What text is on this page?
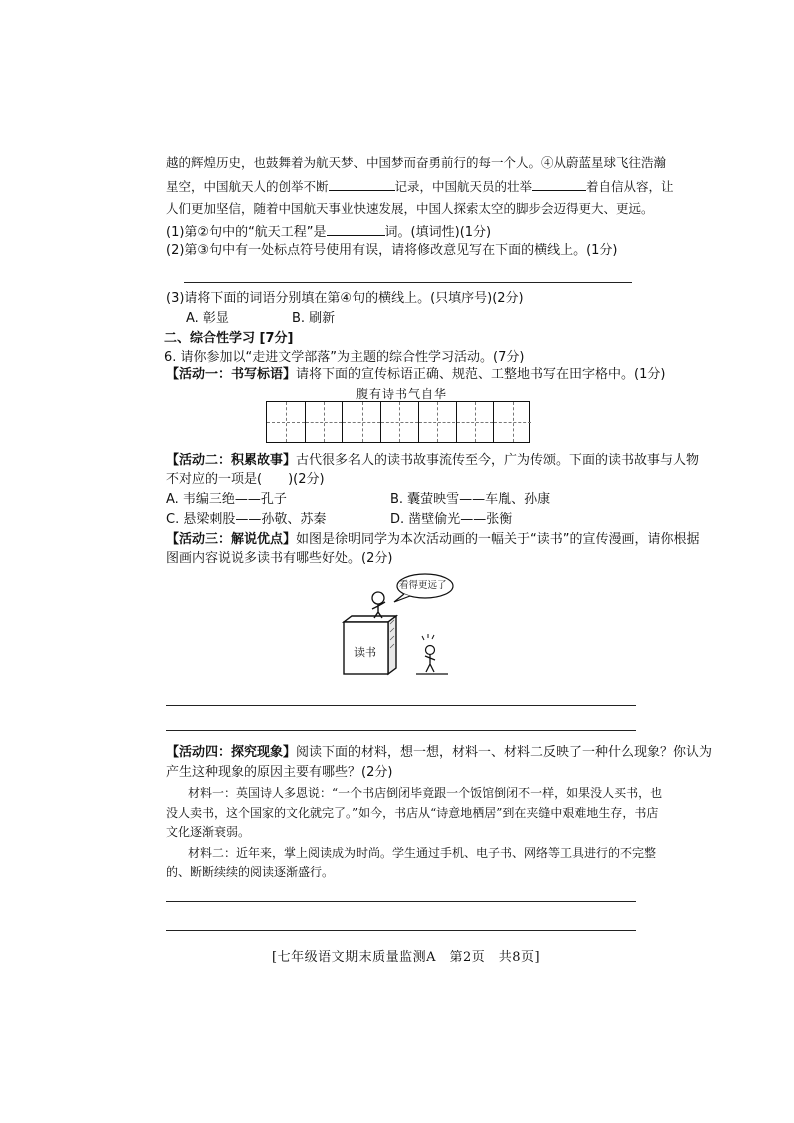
越的辉煌历史，也鼓舞着为航天梦、中国梦而奋勇前行的每一个人。④从蔚蓝星球飞往浩瀚
星空，中国航天人的创举不断	记录，中国航天员的壮举	着自信从容，让
人们更加坚信，随着中国航天事业快速发展，中国人探索太空的脚步会迈得更大、更远。
(1)第②句中的“航天工程”是	词。(填词性)(1分)
(2)第③句中有一处标点符号使用有误，请将修改意见写在下面的横线上。(1分)
(3)请将下面的词语分别填在第④句的横线上。(只填序号)(2分)
A. 彰显	B. 刷新
二、综合性学习 [7分]
6. 请你参加以“走进文学部落”为主题的综合性学习活动。(7分)
【活动一：书写标语】请将下面的宣传标语正确、规范、工整地书写在田字格中。(1分)
腹有诗书气自华
【活动二：积累故事】古代很多名人的读书故事流传至今，广为传颂。下面的读书故事与人物
不对应的一项是(　　)(2分)
A. 韦编三绝——孔子	B. 囊萤映雪——车胤、孙康
C. 悬梁刺股——孙敬、苏秦	D. 凿壁偷光——张衡
【活动三：解说优点】如图是徐明同学为本次活动画的一幅关于“读书”的宣传漫画，请你根据
图画内容说说多读书有哪些好处。(2分)
看得更远了
读书
【活动四：探究现象】阅读下面的材料，想一想，材料一、材料二反映了一种什么现象？你认为
产生这种现象的原因主要有哪些？(2分)
材料一：英国诗人多恩说：“一个书店倒闭毕竟跟一个饭馆倒闭不一样，如果没人买书，也
没人卖书，这个国家的文化就完了。”如今，书店从“诗意地栖居”到在夹缝中艰难地生存，书店
文化逐渐衰弱。
材料二：近年来，掌上阅读成为时尚。学生通过手机、电子书、网络等工具进行的不完整
的、断断续续的阅读逐渐盛行。
[七年级语文期末质量监测A　第2页　共8页]
